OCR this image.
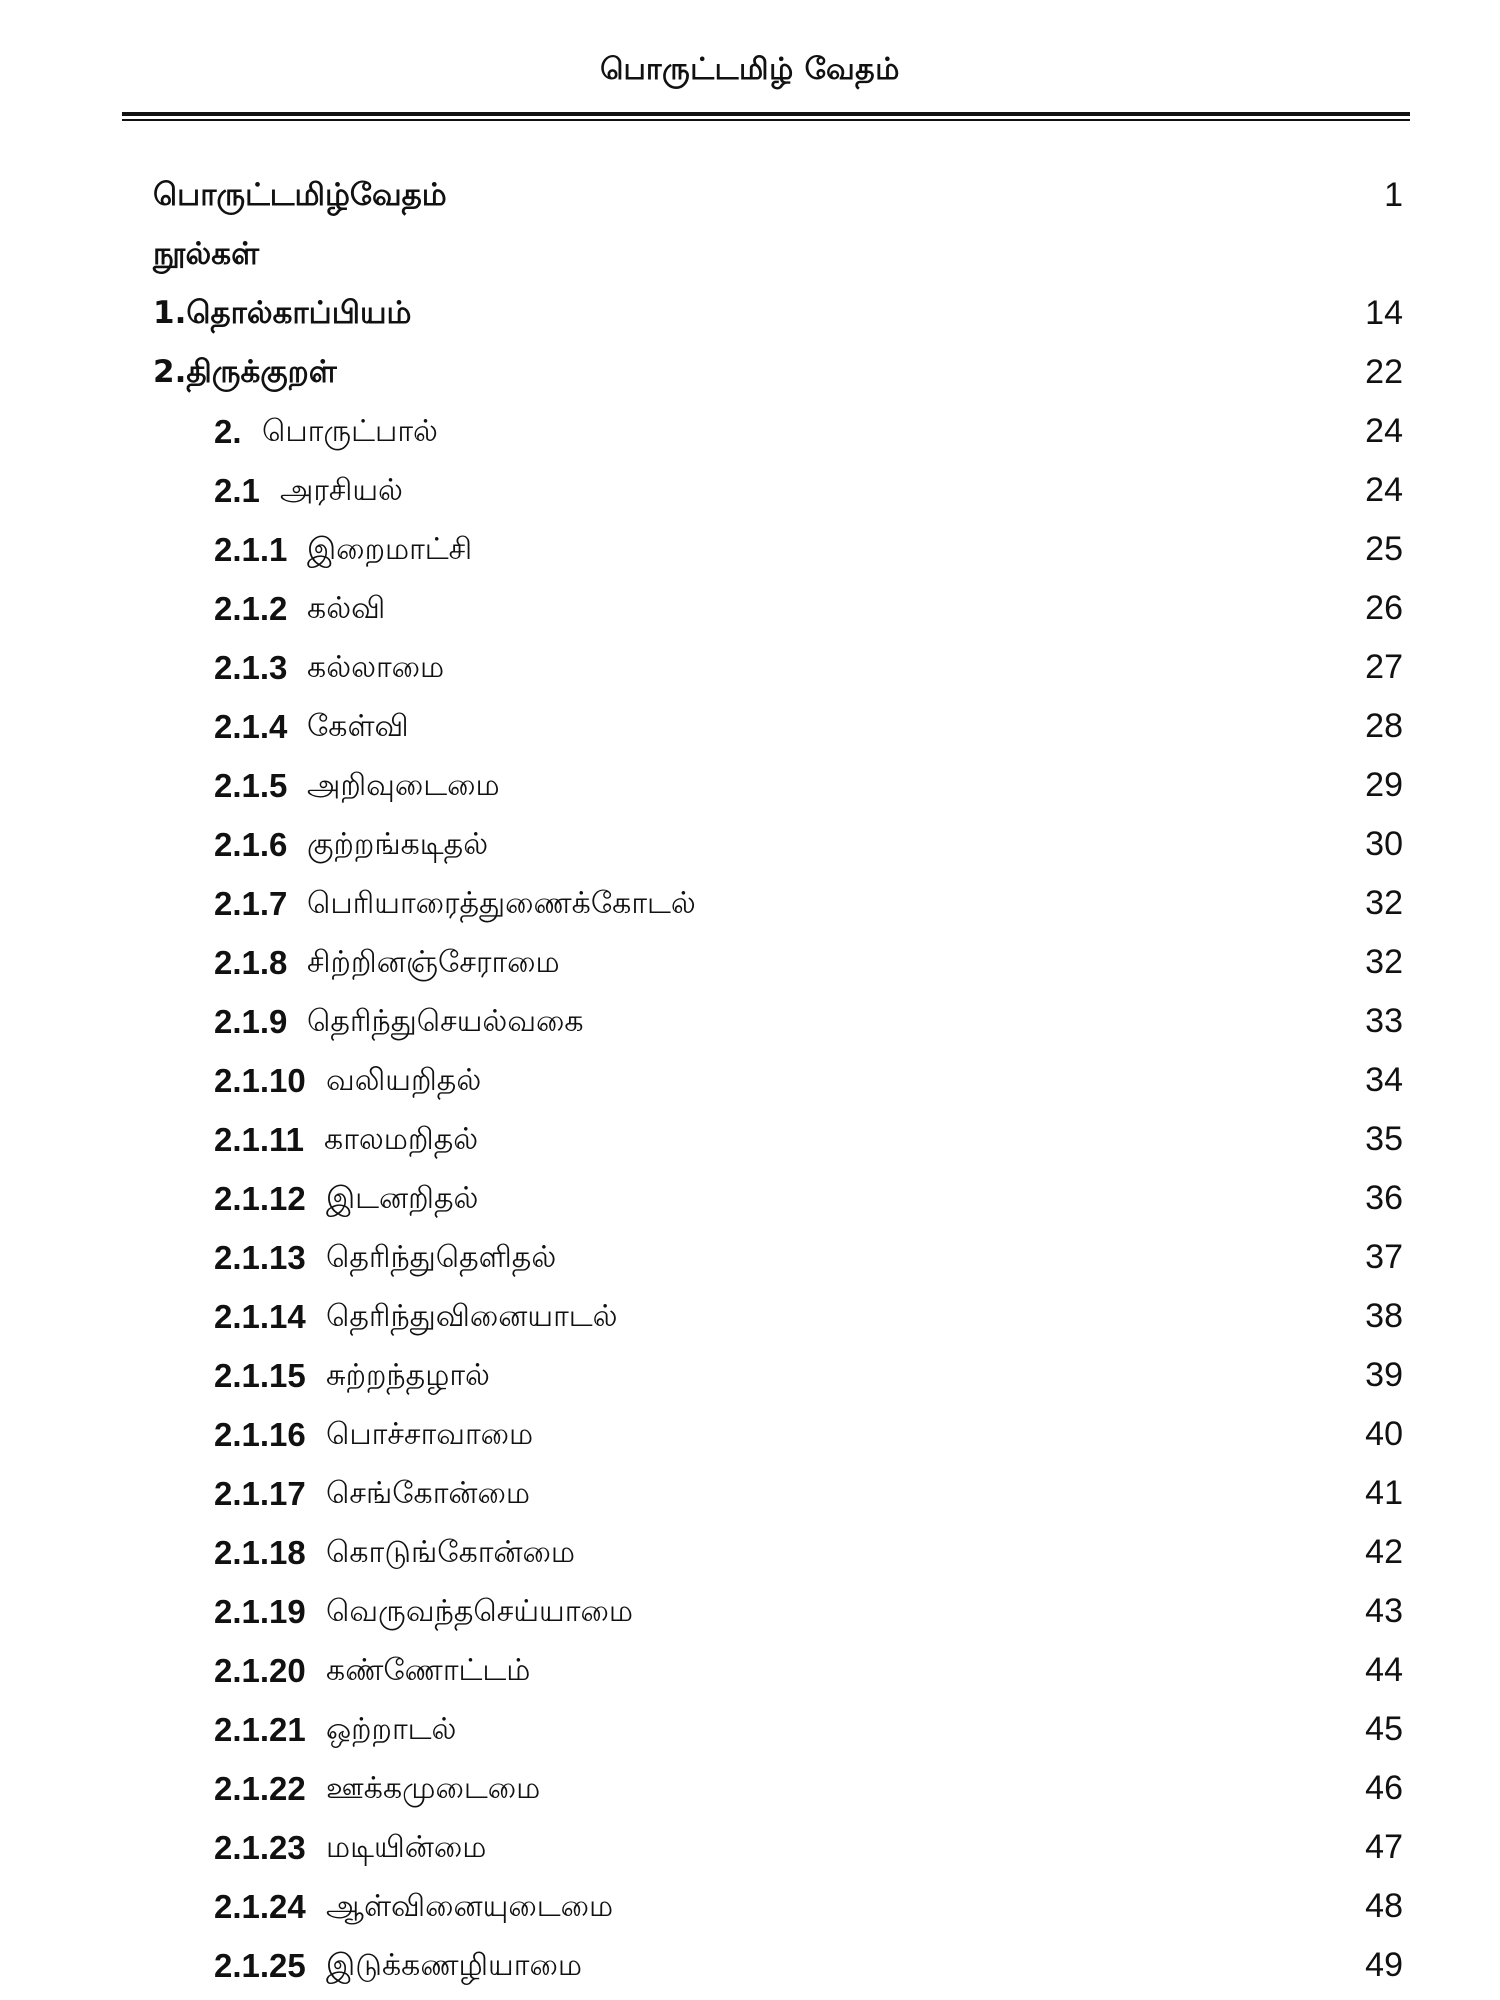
பொருட்டமிழ் வேதம்
பொருட்டமிழ்வேதம்	1
நூல்கள்
1.தொல்காப்பியம்	14
2.திருக்குறள்	22
2. பொருட்பால்	24
2.1 அரசியல்	24
2.1.1 இறைமாட்சி	25
2.1.2 கல்வி	26
2.1.3 கல்லாமை	27
2.1.4 கேள்வி	28
2.1.5 அறிவுடைமை	29
2.1.6 குற்றங்கடிதல்	30
2.1.7 பெரியாரைத்துணைக்கோடல்	32
2.1.8 சிற்றினஞ்சேராமை	32
2.1.9 தெரிந்துசெயல்வகை	33
2.1.10 வலியறிதல்	34
2.1.11 காலமறிதல்	35
2.1.12 இடனறிதல்	36
2.1.13 தெரிந்துதெளிதல்	37
2.1.14 தெரிந்துவினையாடல்	38
2.1.15 சுற்றந்தழால்	39
2.1.16 பொச்சாவாமை	40
2.1.17 செங்கோன்மை	41
2.1.18 கொடுங்கோன்மை	42
2.1.19 வெருவந்தசெய்யாமை	43
2.1.20 கண்ணோட்டம்	44
2.1.21 ஒற்றாடல்	45
2.1.22 ஊக்கமுடைமை	46
2.1.23 மடியின்மை	47
2.1.24 ஆள்வினையுடைமை	48
2.1.25 இடுக்கணழியாமை	49
